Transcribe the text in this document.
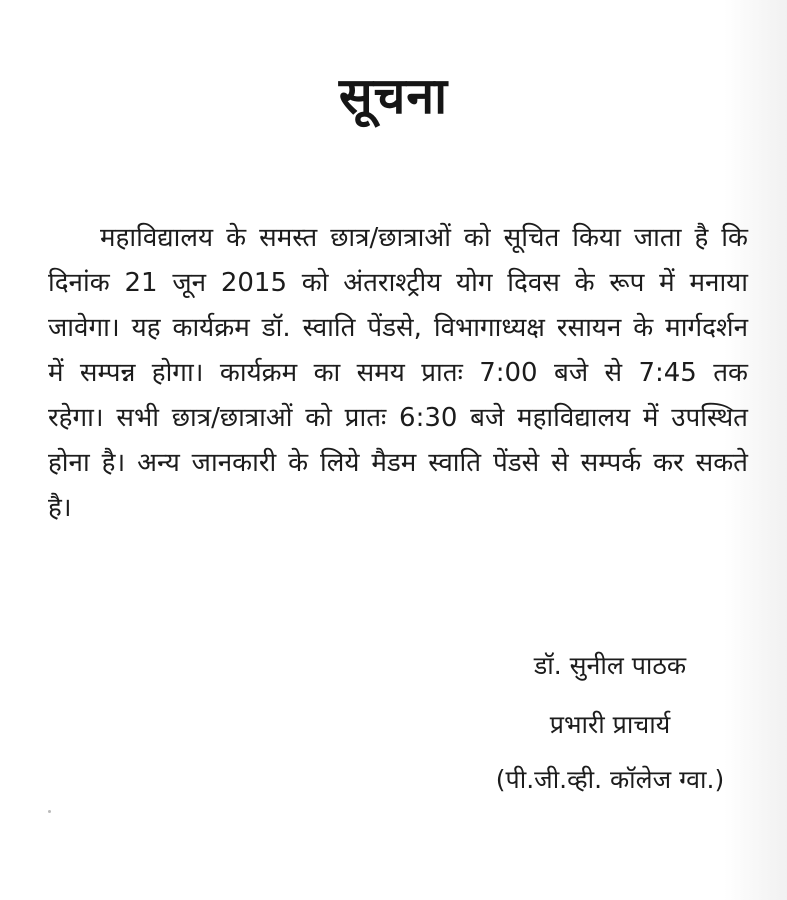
सूचना
महाविद्यालय के समस्त छात्र/छात्राओं को सूचित किया जाता है कि दिनांक 21 जून 2015 को अंतराश्ट्रीय योग दिवस के रूप में मनाया जावेगा। यह कार्यक्रम डॉ. स्वाति पेंडसे, विभागाध्यक्ष रसायन के मार्गदर्शन में सम्पन्न होगा। कार्यक्रम का समय प्रातः 7:00 बजे से 7:45 तक रहेगा। सभी छात्र/छात्राओं को प्रातः 6:30 बजे महाविद्यालय में उपस्थित होना है। अन्य जानकारी के लिये मैडम स्वाति पेंडसे से सम्पर्क कर सकते है।
डॉ. सुनील पाठक
प्रभारी प्राचार्य
(पी.जी.व्ही. कॉलेज ग्वा.)
